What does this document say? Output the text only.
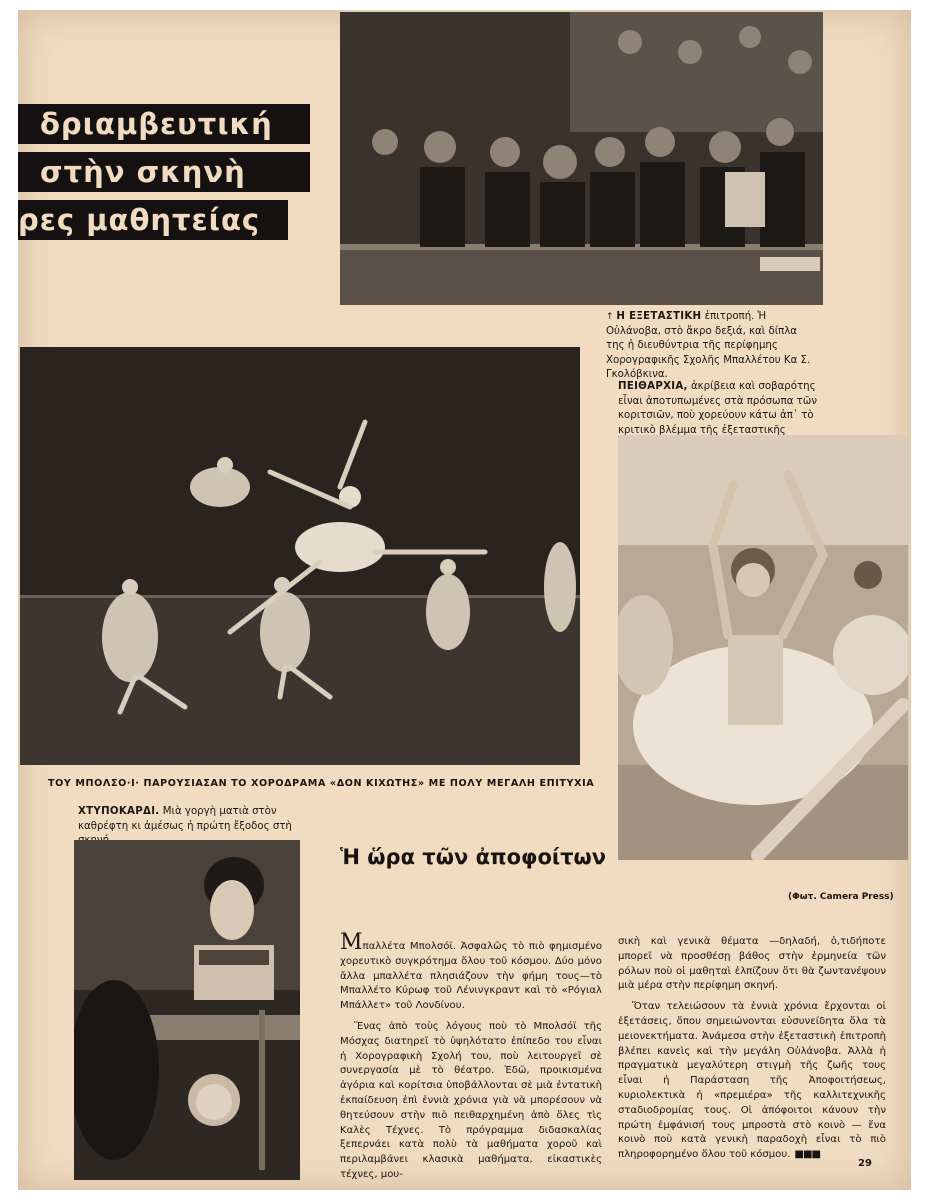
δριαμβευτική
στὴν σκηνὴ
ρες μαθητείας
↑ Η ΕΞΕΤΑΣΤΙΚΗ ἐπιτροπή. Ἡ Οὐλάνοβα, στὸ ἄκρο δεξιά, καὶ δίπλα της ἡ διευθύντρια τῆς περίφημης Χορογραφικῆς Σχολῆς Μπαλλέτου Κα Σ. Γκολόβκινα.
ΠΕΙΘΑΡΧΙΑ, ἀκρίβεια καὶ σοβαρότης εἶναι ἀποτυπωμένες στὰ πρόσωπα τῶν κοριτσιῶν, ποὺ χορεύουν κάτω ἀπ᾿ τὸ κριτικὸ βλέμμα τῆς ἐξεταστικῆς
ΤΟΥ ΜΠΟΛΣΟ·Ι· ΠΑΡΟΥΣΙΑΣΑΝ ΤΟ ΧΟΡΟΔΡΑΜΑ «ΔΟΝ ΚΙΧΩΤΗΣ» ΜΕ ΠΟΛΥ ΜΕΓΑΛΗ ΕΠΙΤΥΧΙΑ
ΧΤΥΠΟΚΑΡΔΙ. Μιὰ γοργὴ ματιὰ στὸν καθρέφτη κι ἀμέσως ἡ πρώτη ἔξοδος στὴ
Ἡ ὥρα τῶν ἀποφοίτων
(Φωτ. Camera Press)

Μπαλλέτα Μπολσόϊ. Ἀσφαλῶς τὸ πιὸ φημισμένο χορευτικὸ συγκρότημα ὅλου τοῦ κόσμου. Δύο μόνο ἄλλα μπαλλέτα πλησιάζουν τὴν φήμη τους—τὸ Μπαλλέτο Κύρωφ τοῦ Λένινγκραντ καὶ τὸ «Ρόγιαλ Μπάλλετ» τοῦ Λονδίνου.

Ἕνας ἀπὸ τοὺς λόγους ποὺ τὸ Μπολσόϊ τῆς Μόσχας διατηρεῖ τὸ ὑψηλότατο ἐπίπεδο του εἶναι ἡ Χορογραφικὴ Σχολή του, ποὺ λειτουργεῖ σὲ συνεργασία μὲ τὸ θέατρο. Ἐδῶ, προικισμένα ἀγόρια καὶ κορίτσια ὑποβάλλονται σὲ μιὰ ἐντατικὴ ἐκπαίδευση ἐπὶ ἐννιὰ χρόνια γιὰ νὰ μπορέσουν νὰ θητεύσουν στὴν πιὸ πειθαρχημένη ἀπὸ ὅλες τὶς Καλὲς Τέχνες. Τὸ πρόγραμμα διδασκαλίας ξεπερνάει κατὰ πολὺ τὰ μαθήματα χοροῦ καὶ περιλαμβάνει κλασικὰ μαθήματα, εἰκαστικὲς τέχνες, μου-

σικὴ καὶ γενικὰ θέματα —δηλαδή, ὁ,τιδήποτε μπορεῖ νὰ προσθέσῃ βάθος στὴν ἑρμηνεία τῶν ρόλων ποὺ οἱ μαθηταὶ ἐλπίζουν ὅτι θὰ ζωντανέψουν μιὰ μέρα στὴν περίφημη σκηνή.

Ὅταν τελειώσουν τὰ ἐννιὰ χρόνια ἔρχονται οἱ ἐξετάσεις, ὅπου σημειώνονται εὐσυνείδητα ὅλα τὰ μειονεκτήματα. Ἀνάμεσα στὴν ἐξεταστικὴ ἐπιτροπὴ βλέπει κανεὶς καὶ τὴν μεγάλη Οὐλάνοβα. Ἀλλὰ ἡ πραγματικὰ μεγαλύτερη στιγμὴ τῆς ζωῆς τους εἶναι ἡ Παράσταση τῆς Ἀποφοιτήσεως, κυριολεκτικὰ ἡ «πρεμιέρα» τῆς καλλιτεχνικῆς σταδιοδρομίας τους. Οἱ ἀπόφοιτοι κάνουν τὴν πρώτη ἐμφάνισή τους μπροστὰ στὸ κοινὸ — ἕνα κοινὸ ποὺ κατὰ γενικὴ παραδοχὴ εἶναι τὸ πιὸ πληροφορημένο ὅλου τοῦ κόσμου. ■■■

29
